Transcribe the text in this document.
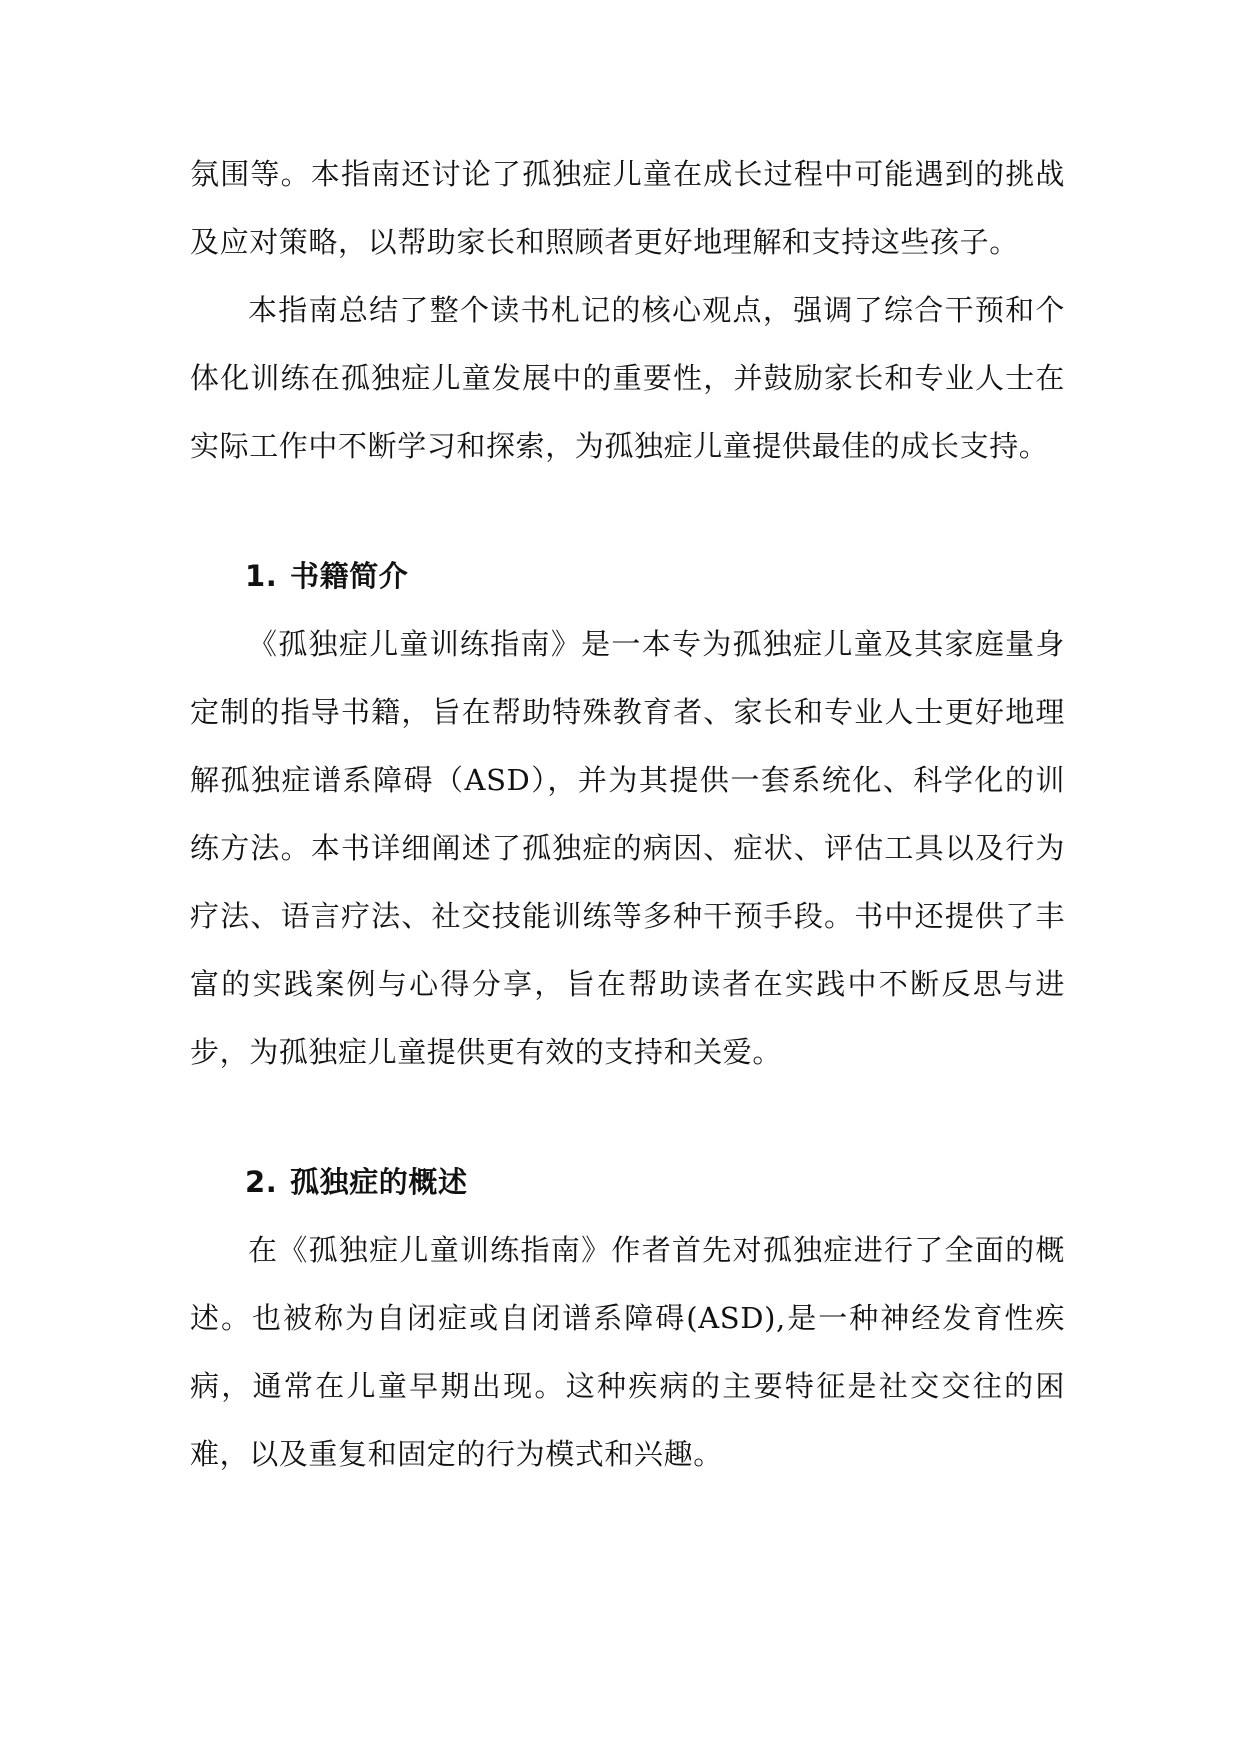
氛围等。本指南还讨论了孤独症儿童在成长过程中可能遇到的挑战及应对策略，以帮助家长和照顾者更好地理解和支持这些孩子。

本指南总结了整个读书札记的核心观点，强调了综合干预和个体化训练在孤独症儿童发展中的重要性，并鼓励家长和专业人士在实际工作中不断学习和探索，为孤独症儿童提供最佳的成长支持。

1. 书籍简介

《孤独症儿童训练指南》是一本专为孤独症儿童及其家庭量身定制的指导书籍，旨在帮助特殊教育者、家长和专业人士更好地理解孤独症谱系障碍（ASD），并为其提供一套系统化、科学化的训练方法。本书详细阐述了孤独症的病因、症状、评估工具以及行为疗法、语言疗法、社交技能训练等多种干预手段。书中还提供了丰富的实践案例与心得分享，旨在帮助读者在实践中不断反思与进步，为孤独症儿童提供更有效的支持和关爱。

2. 孤独症的概述

在《孤独症儿童训练指南》作者首先对孤独症进行了全面的概述。也被称为自闭症或自闭谱系障碍(ASD),是一种神经发育性疾病，通常在儿童早期出现。这种疾病的主要特征是社交交往的困难，以及重复和固定的行为模式和兴趣。
